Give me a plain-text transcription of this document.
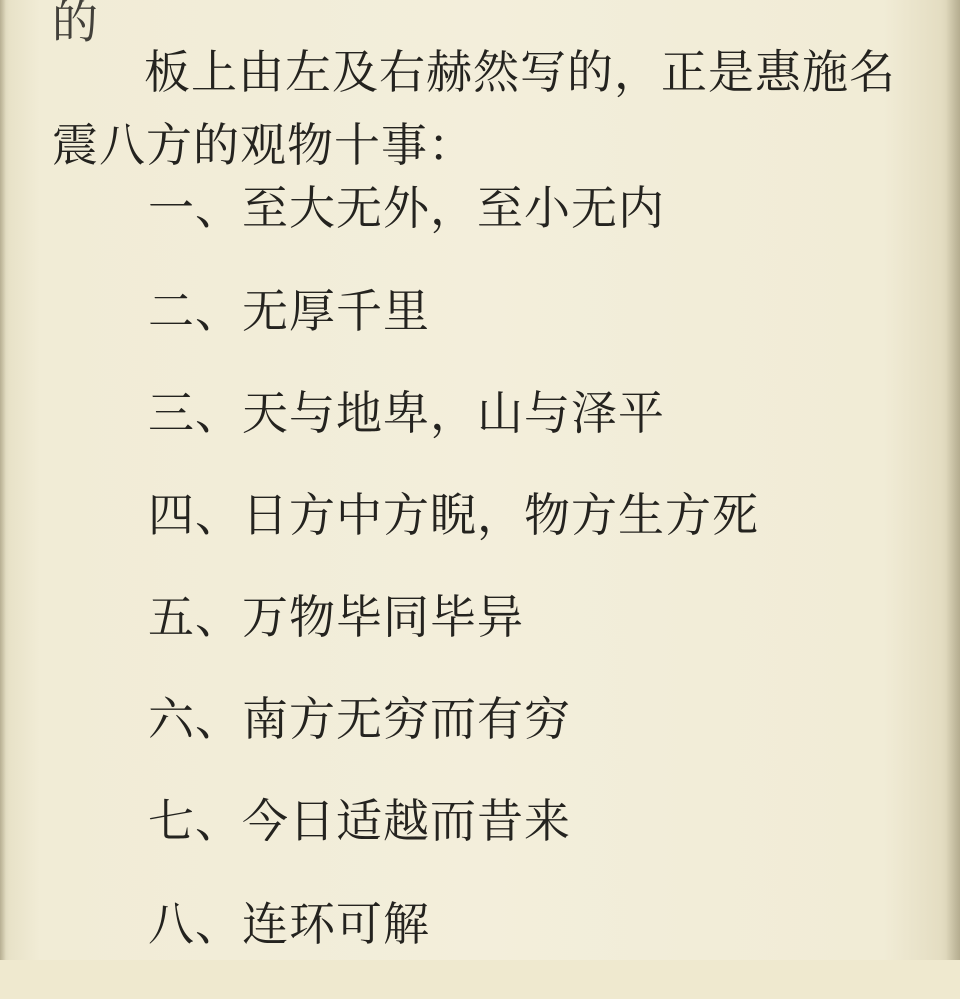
的

板上由左及右赫然写的，正是惠施名震八方的观物十事：

一、至大无外，至小无内
二、无厚千里
三、天与地卑，山与泽平
四、日方中方睨，物方生方死
五、万物毕同毕异
六、南方无穷而有穷
七、今日适越而昔来
八、连环可解
